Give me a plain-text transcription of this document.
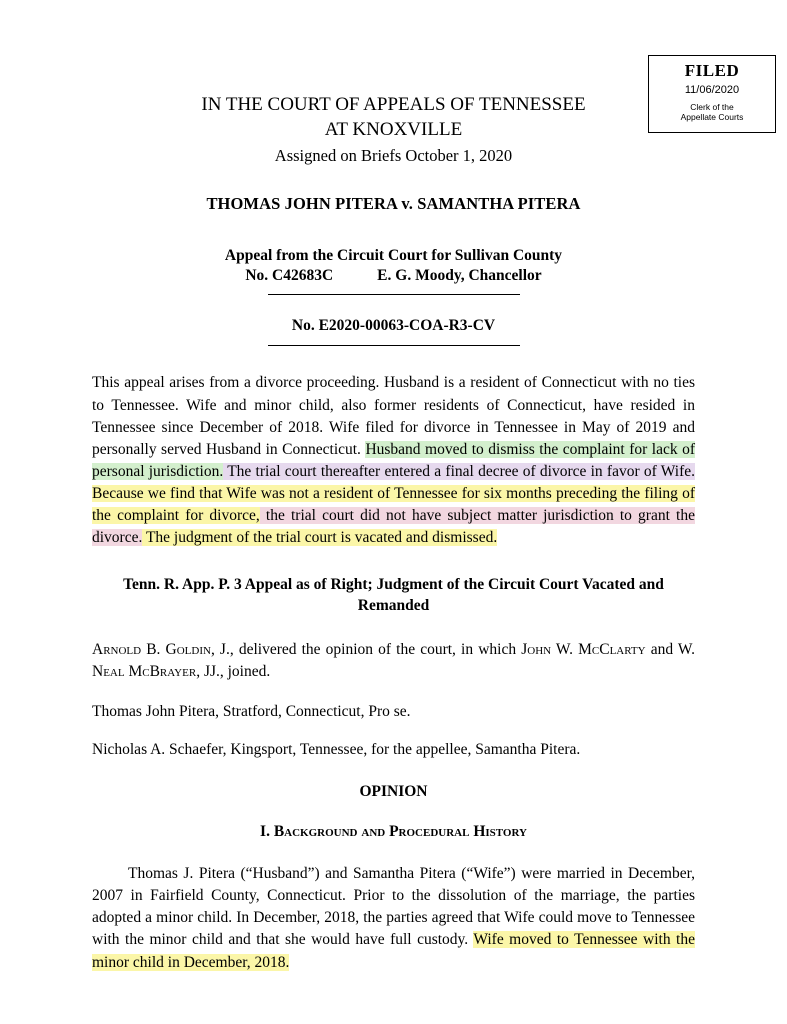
FILED
11/06/2020
Clerk of the
Appellate Courts
IN THE COURT OF APPEALS OF TENNESSEE
AT KNOXVILLE
Assigned on Briefs October 1, 2020
THOMAS JOHN PITERA v. SAMANTHA PITERA
Appeal from the Circuit Court for Sullivan County
No. C42683C	E. G. Moody, Chancellor
No. E2020-00063-COA-R3-CV
This appeal arises from a divorce proceeding. Husband is a resident of Connecticut with no ties to Tennessee. Wife and minor child, also former residents of Connecticut, have resided in Tennessee since December of 2018. Wife filed for divorce in Tennessee in May of 2019 and personally served Husband in Connecticut. Husband moved to dismiss the complaint for lack of personal jurisdiction. The trial court thereafter entered a final decree of divorce in favor of Wife. Because we find that Wife was not a resident of Tennessee for six months preceding the filing of the complaint for divorce, the trial court did not have subject matter jurisdiction to grant the divorce. The judgment of the trial court is vacated and dismissed.
Tenn. R. App. P. 3 Appeal as of Right; Judgment of the Circuit Court Vacated and Remanded
Arnold B. Goldin, J., delivered the opinion of the court, in which John W. McClarty and W. Neal McBrayer, JJ., joined.
Thomas John Pitera, Stratford, Connecticut, Pro se.
Nicholas A. Schaefer, Kingsport, Tennessee, for the appellee, Samantha Pitera.
OPINION
I. Background and Procedural History
Thomas J. Pitera (“Husband”) and Samantha Pitera (“Wife”) were married in December, 2007 in Fairfield County, Connecticut. Prior to the dissolution of the marriage, the parties adopted a minor child. In December, 2018, the parties agreed that Wife could move to Tennessee with the minor child and that she would have full custody. Wife moved to Tennessee with the minor child in December, 2018.
